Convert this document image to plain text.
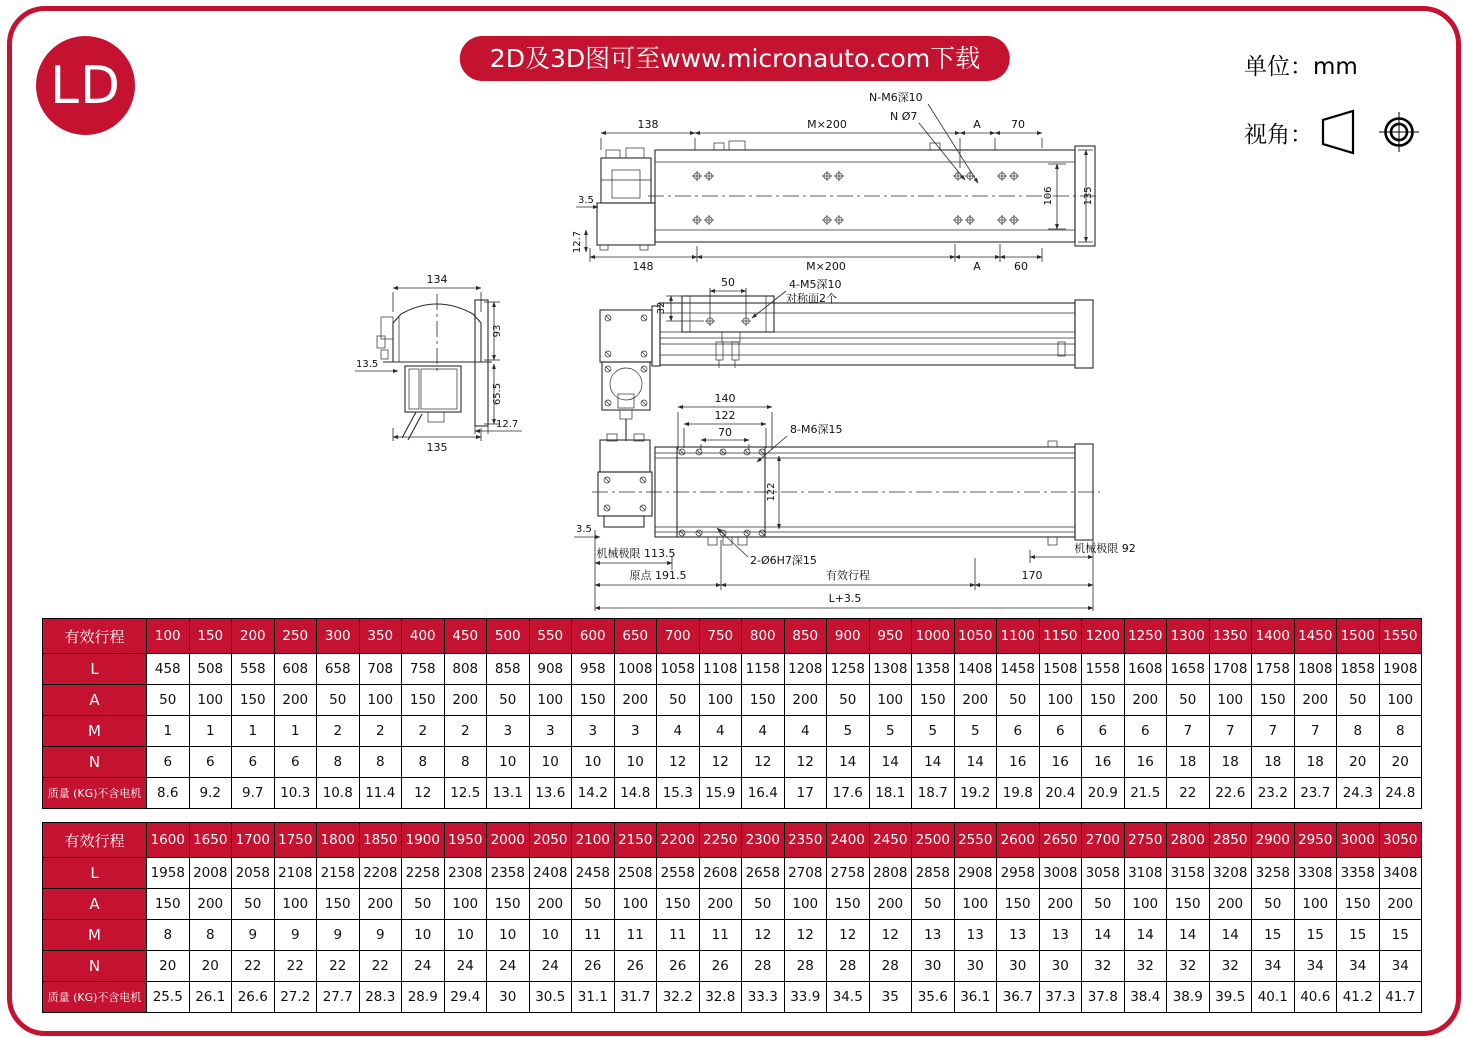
LD	2D及3D图可至www.micronauto.com下载	单位：mm
视角：
138	M×200	A	70
148	M×200	A	60
106	135
3.5
12.7
N-M6深10
N Ø7
134
93
65.5
13.5
135
12.7
32
50	4-M5深10
对称面2个
140
122
70	8-M6深15
2-Ø6H7深15
122
3.5
机械极限 113.5
原点 191.5	有效行程	170
机械极限 92
L+3.5
有效行程	100	150	200	250	300	350	400	450	500	550	600	650	700	750	800	850	900	950	1000	1050	1100	1150	1200	1250	1300	1350	1400	1450	1500	1550
L	458	508	558	608	658	708	758	808	858	908	958	1008	1058	1108	1158	1208	1258	1308	1358	1408	1458	1508	1558	1608	1658	1708	1758	1808	1858	1908
A	50	100	150	200	50	100	150	200	50	100	150	200	50	100	150	200	50	100	150	200	50	100	150	200	50	100	150	200	50	100
M	1	1	1	1	2	2	2	2	3	3	3	3	4	4	4	4	5	5	5	5	6	6	6	6	7	7	7	7	8	8
N	6	6	6	6	8	8	8	8	10	10	10	10	12	12	12	12	14	14	14	14	16	16	16	16	18	18	18	18	20	20
质量 (KG)不含电机	8.6	9.2	9.7	10.3	10.8	11.4	12	12.5	13.1	13.6	14.2	14.8	15.3	15.9	16.4	17	17.6	18.1	18.7	19.2	19.8	20.4	20.9	21.5	22	22.6	23.2	23.7	24.3	24.8
有效行程	1600	1650	1700	1750	1800	1850	1900	1950	2000	2050	2100	2150	2200	2250	2300	2350	2400	2450	2500	2550	2600	2650	2700	2750	2800	2850	2900	2950	3000	3050
L	1958	2008	2058	2108	2158	2208	2258	2308	2358	2408	2458	2508	2558	2608	2658	2708	2758	2808	2858	2908	2958	3008	3058	3108	3158	3208	3258	3308	3358	3408
A	150	200	50	100	150	200	50	100	150	200	50	100	150	200	50	100	150	200	50	100	150	200	50	100	150	200	50	100	150	200
M	8	8	9	9	9	9	10	10	10	10	11	11	11	11	12	12	12	12	13	13	13	13	14	14	14	14	15	15	15	15
N	20	20	22	22	22	22	24	24	24	24	26	26	26	26	28	28	28	28	30	30	30	30	32	32	32	32	34	34	34	34
质量 (KG)不含电机	25.5	26.1	26.6	27.2	27.7	28.3	28.9	29.4	30	30.5	31.1	31.7	32.2	32.8	33.3	33.9	34.5	35	35.6	36.1	36.7	37.3	37.8	38.4	38.9	39.5	40.1	40.6	41.2	41.7
